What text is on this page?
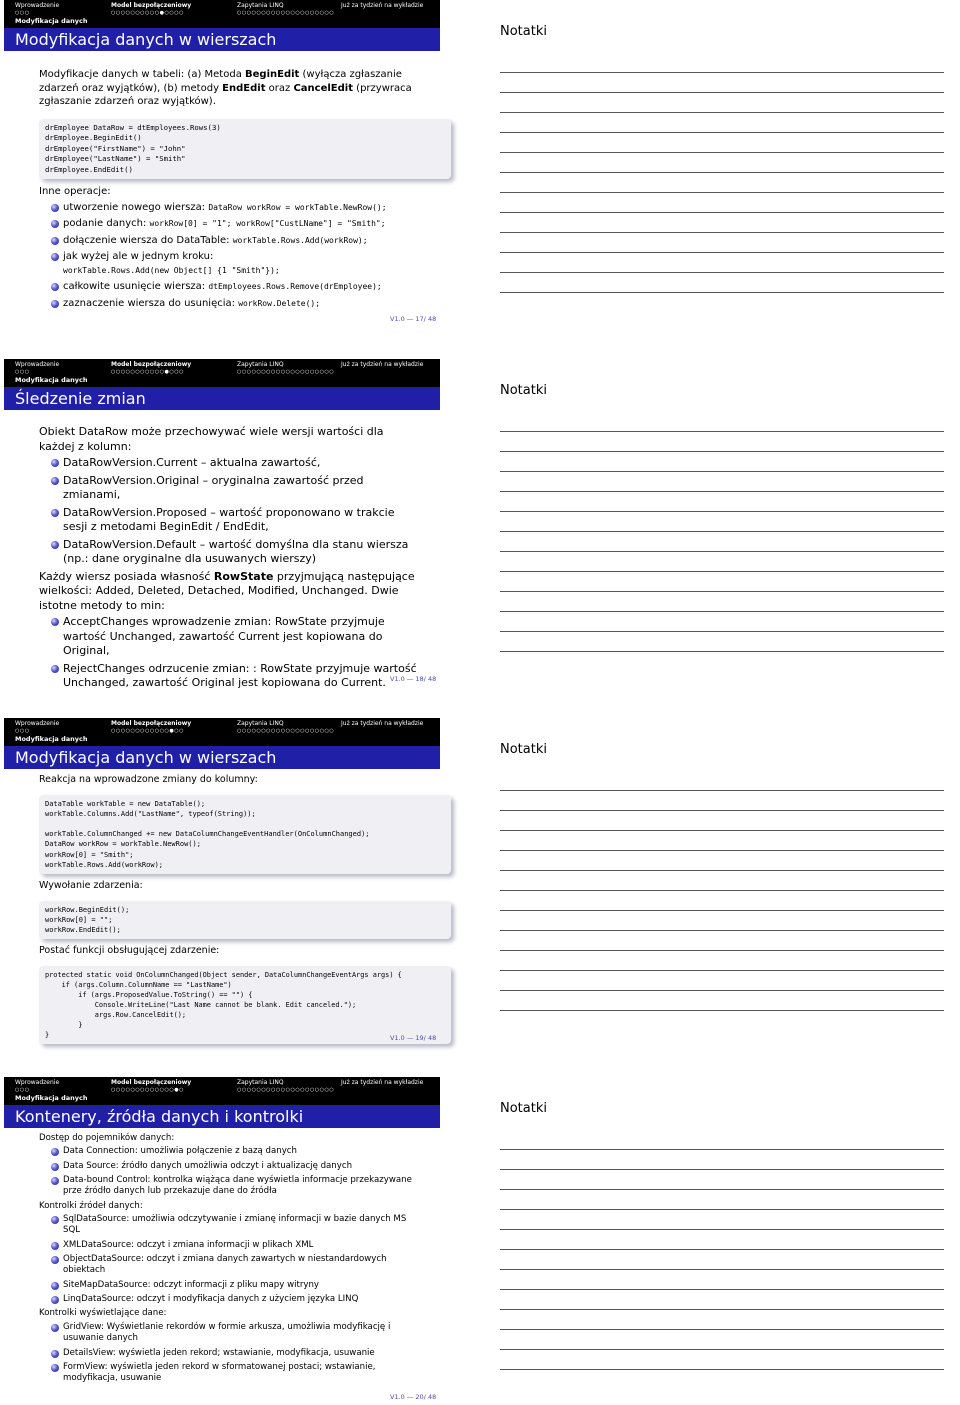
Wprowadzenie	Model bezpołączeniowy	Zapytania LINQ	Już za tydzień na wykładzie
○○○	○○○○○○○○○○●○○○○	○○○○○○○○○○○○○○○○○○○○
Modyfikacja danych
Modyfikacja danych w wierszach

Modyfikacje danych w tabeli: (a) Metoda BeginEdit (wyłącza zgłaszanie zdarzeń oraz wyjątków), (b) metody EndEdit oraz CancelEdit (przywraca zgłaszanie zdarzeń oraz wyjątków).

drEmployee DataRow = dtEmployees.Rows(3)
drEmployee.BeginEdit()
drEmployee("FirstName") = "John"
drEmployee("LastName") = "Smith"
drEmployee.EndEdit()

Inne operacje:

utworzenie nowego wiersza: DataRow workRow = workTable.NewRow();
podanie danych: workRow[0] = "1"; workRow["CustLName"] = "Smith";
dołączenie wiersza do DataTable: workTable.Rows.Add(workRow);
jak wyżej ale w jednym kroku:
workTable.Rows.Add(new Object[] {1 "Smith"});
całkowite usunięcie wiersza: dtEmployees.Rows.Remove(drEmployee);
zaznaczenie wiersza do usunięcia: workRow.Delete();
V1.0 — 17/ 48
Notatki
Wprowadzenie	Model bezpołączeniowy	Zapytania LINQ	Już za tydzień na wykładzie
○○○	○○○○○○○○○○○●○○○	○○○○○○○○○○○○○○○○○○○○
Modyfikacja danych
Śledzenie zmian

Obiekt DataRow może przechowywać wiele wersji wartości dla każdej z kolumn:

DataRowVersion.Current – aktualna zawartość,
DataRowVersion.Original – oryginalna zawartość przed zmianami,
DataRowVersion.Proposed – wartość proponowano w trakcie sesji z metodami BeginEdit / EndEdit,
DataRowVersion.Default – wartość domyślna dla stanu wiersza (np.: dane oryginalne dla usuwanych wierszy)

Każdy wiersz posiada własność RowState przyjmującą następujące wielkości: Added, Deleted, Detached, Modified, Unchanged. Dwie istotne metody to min:

AcceptChanges wprowadzenie zmian: RowState przyjmuje wartość Unchanged, zawartość Current jest kopiowana do Original,
RejectChanges odrzucenie zmian: : RowState przyjmuje wartość Unchanged, zawartość Original jest kopiowana do Current. V1.0 — 18/ 48
Notatki
Wprowadzenie	Model bezpołączeniowy	Zapytania LINQ	Już za tydzień na wykładzie
○○○	○○○○○○○○○○○○●○○	○○○○○○○○○○○○○○○○○○○○
Modyfikacja danych
Modyfikacja danych w wierszach

Reakcja na wprowadzone zmiany do kolumny:

DataTable workTable = new DataTable();
workTable.Columns.Add("LastName", typeof(String));

workTable.ColumnChanged += new DataColumnChangeEventHandler(OnColumnChanged);
DataRow workRow = workTable.NewRow();
workRow[0] = "Smith";
workTable.Rows.Add(workRow);

Wywołanie zdarzenia:

workRow.BeginEdit();
workRow[0] = "";
workRow.EndEdit();

Postać funkcji obsługującej zdarzenie:

protected static void OnColumnChanged(Object sender, DataColumnChangeEventArgs args) {
if (args.Column.ColumnName == "LastName")
if (args.ProposedValue.ToString() == "") {
Console.WriteLine("Last Name cannot be blank. Edit canceled.");
args.Row.CancelEdit();
}
}	V1.0 — 19/ 48
Notatki
Wprowadzenie	Model bezpołączeniowy	Zapytania LINQ	Już za tydzień na wykładzie
○○○	○○○○○○○○○○○○○●○	○○○○○○○○○○○○○○○○○○○○
Modyfikacja danych
Kontenery, źródła danych i kontrolki

Dostęp do pojemników danych:

Data Connection: umożliwia połączenie z bazą danych
Data Source: źródło danych umożliwia odczyt i aktualizację danych
Data-bound Control: kontrolka wiążąca dane wyświetla informacje przekazywane prze źródło danych lub przekazuje dane do źródła

Kontrolki źródeł danych:

SqlDataSource: umożliwia odczytywanie i zmianę informacji w bazie danych MS SQL
XMLDataSource: odczyt i zmiana informacji w plikach XML
ObjectDataSource: odczyt i zmiana danych zawartych w niestandardowych obiektach
SiteMapDataSource: odczyt informacji z pliku mapy witryny
LinqDataSource: odczyt i modyfikacja danych z użyciem języka LINQ

Kontrolki wyświetlające dane:

GridView: Wyświetlanie rekordów w formie arkusza, umożliwia modyfikację i usuwanie danych
DetailsView: wyświetla jeden rekord; wstawianie, modyfikacja, usuwanie
FormView: wyświetla jeden rekord w sformatowanej postaci; wstawianie, modyfikacja, usuwanie
V1.0 — 20/ 48
Notatki
